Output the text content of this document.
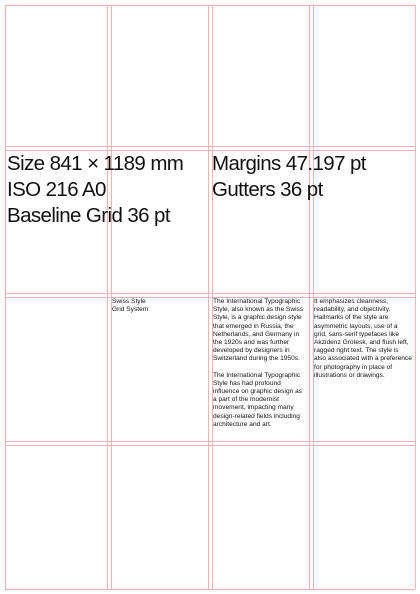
·
Size 841 × 1189 mm
ISO 216 A0
Baseline Grid 36 pt
Margins 47.197 pt
Gutters 36 pt
Swiss Style
Grid System

The International Typographic Style, also known as the Swiss Style, is a graphic design style that emerged in Russia, the Netherlands, and Germany in the 1920s and was further developed by designers in Switzerland during the 1950s.

The International Typographic Style has had profound influence on graphic design as a part of the modernist movement, impacting many design-related fields including architecture and art.

It emphasizes cleanness, readability, and objectivity. Hallmarks of the style are asymmetric layouts, use of a grid, sans-serif typefaces like Akzidenz Grotesk, and flush left, ragged right text. The style is also associated with a preference for photography in place of illustrations or drawings.
